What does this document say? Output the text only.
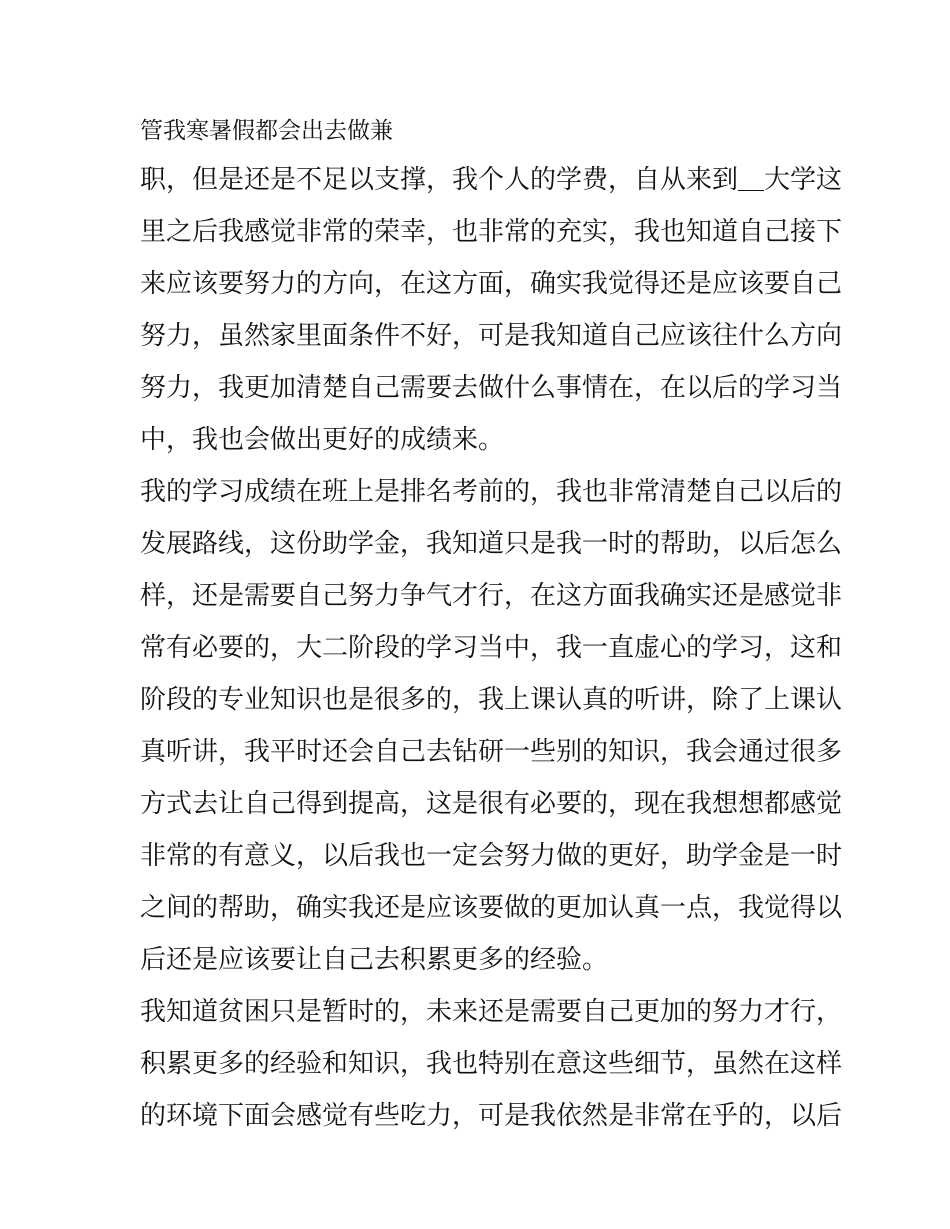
管我寒暑假都会出去做兼
职，但是还是不足以支撑，我个人的学费，自从来到＿大学这
里之后我感觉非常的荣幸，也非常的充实，我也知道自己接下
来应该要努力的方向，在这方面，确实我觉得还是应该要自己
努力，虽然家里面条件不好，可是我知道自己应该往什么方向
努力，我更加清楚自己需要去做什么事情在，在以后的学习当
中，我也会做出更好的成绩来。
我的学习成绩在班上是排名考前的，我也非常清楚自己以后的
发展路线，这份助学金，我知道只是我一时的帮助，以后怎么
样，还是需要自己努力争气才行，在这方面我确实还是感觉非
常有必要的，大二阶段的学习当中，我一直虚心的学习，这和
阶段的专业知识也是很多的，我上课认真的听讲，除了上课认
真听讲，我平时还会自己去钻研一些别的知识，我会通过很多
方式去让自己得到提高，这是很有必要的，现在我想想都感觉
非常的有意义，以后我也一定会努力做的更好，助学金是一时
之间的帮助，确实我还是应该要做的更加认真一点，我觉得以
后还是应该要让自己去积累更多的经验。
我知道贫困只是暂时的，未来还是需要自己更加的努力才行，
积累更多的经验和知识，我也特别在意这些细节，虽然在这样
的环境下面会感觉有些吃力，可是我依然是非常在乎的，以后
